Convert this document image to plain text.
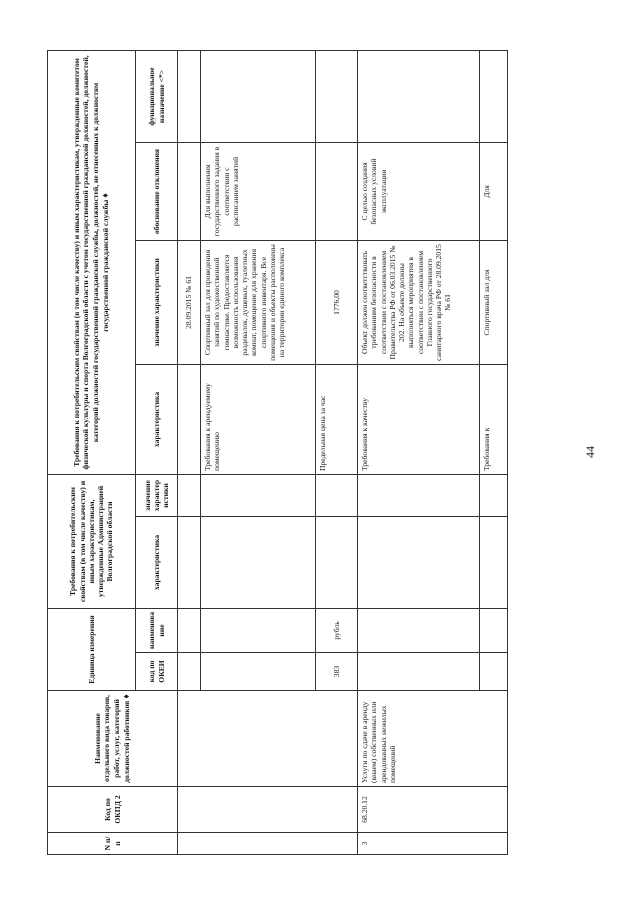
44
N п/п	Код по ОКПД 2	Наименование отдельного вида товаров, работ, услуг, категорий должностей работников ♦	Единица измерения		Требования к потребительским свойствам (в том числе качеству) и иным характеристикам, утвержденные Администрацией Волгоградской области		Требования к потребительским свойствам (в том числе качеству) и иным характеристикам, утвержденные комитетом физической культуры и спорта Волгоградской области с учетом государственной гражданской должностей, должностей, категорий должностей государственной гражданской службы, должностей, не отнесенных к должностям государственной гражданской службы ♦			
			код по ОКЕИ	наименование	характеристика	значение характеристики	характеристика	значение характеристики	обоснование отклонения	функциональное назначение <*>
								28.09.2015 № 61		
							Требования к арендуемому помещению	Спортивный зал для проведения занятий по художественной гимнастике. Предоставляется возможность использования раздевалок, душевых, туалетных комнат, помещение для хранения спортивного инвентаря. Все помещения и объекты расположены на территории единого комплекса	Для выполнения государственного задания в соответствии с расписанием занятий	
			383	рубль			Предельная цена за час	1776,00		
3	68.20.12	Услуги по сдаче в аренду (внаем) собственных или арендованных нежилых помещений					Требования к качеству	Объект должен соответствовать требованиям безопасности в соответствии с постановлением Правительства РФ от 06.03.2015 № 202. На объекте должны выполняться мероприятия в соответствии с постановлением Главного государственного санитарного врача РФ от 28.09.2015 № 61	С целью создания безопасных условий эксплуатации	

							Требования к	Спортивный зал для	Для	
